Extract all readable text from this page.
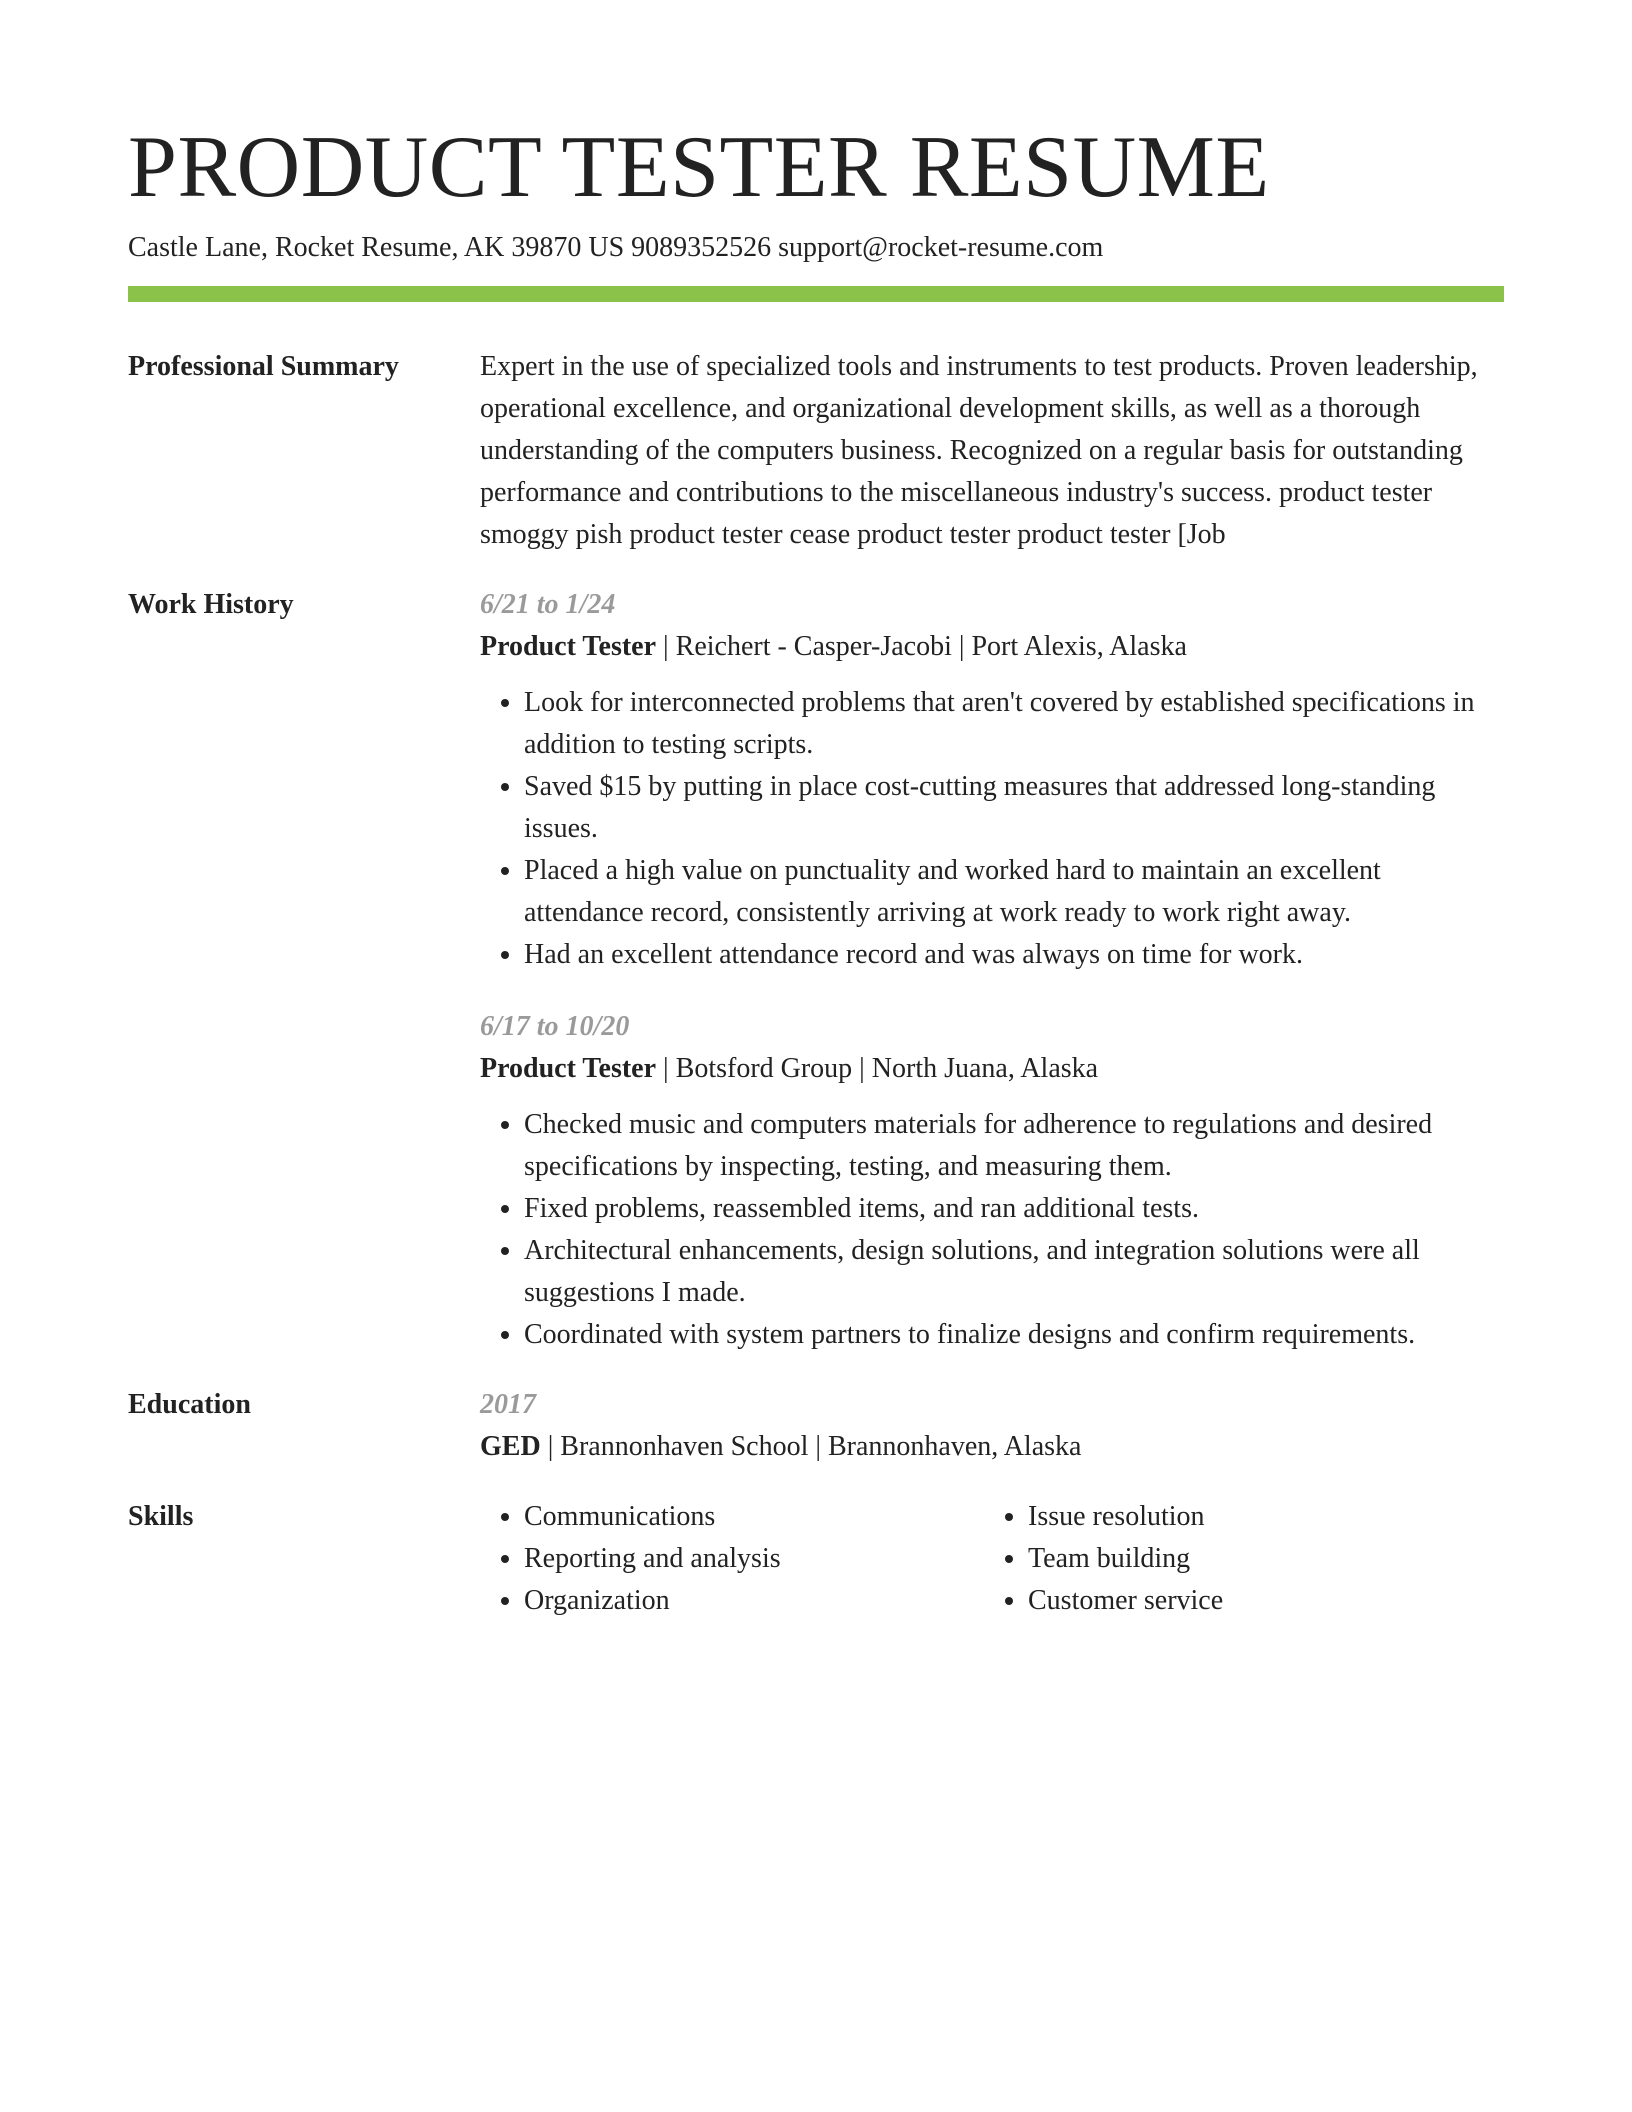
PRODUCT TESTER RESUME
Castle Lane, Rocket Resume, AK 39870 US 9089352526 support@rocket-resume.com
Professional Summary	Expert in the use of specialized tools and instruments to test products. Proven leadership, operational excellence, and organizational development skills, as well as a thorough understanding of the computers business. Recognized on a regular basis for outstanding performance and contributions to the miscellaneous industry's success. product tester smoggy pish product tester cease product tester product tester [Job

Work History	6/21 to 1/24
Product Tester | Reichert - Casper-Jacobi | Port Alexis, Alaska
• Look for interconnected problems that aren't covered by established specifications in addition to testing scripts.
• Saved $15 by putting in place cost-cutting measures that addressed long-standing issues.
• Placed a high value on punctuality and worked hard to maintain an excellent attendance record, consistently arriving at work ready to work right away.
• Had an excellent attendance record and was always on time for work.
6/17 to 10/20
Product Tester | Botsford Group | North Juana, Alaska
• Checked music and computers materials for adherence to regulations and desired specifications by inspecting, testing, and measuring them.
• Fixed problems, reassembled items, and ran additional tests.
• Architectural enhancements, design solutions, and integration solutions were all suggestions I made.
• Coordinated with system partners to finalize designs and confirm requirements.
Education	2017
GED | Brannonhaven School | Brannonhaven, Alaska
Skills
•	Communications
• Reporting and analysis
• Organization
• Issue resolution
• Team building
• Customer service
